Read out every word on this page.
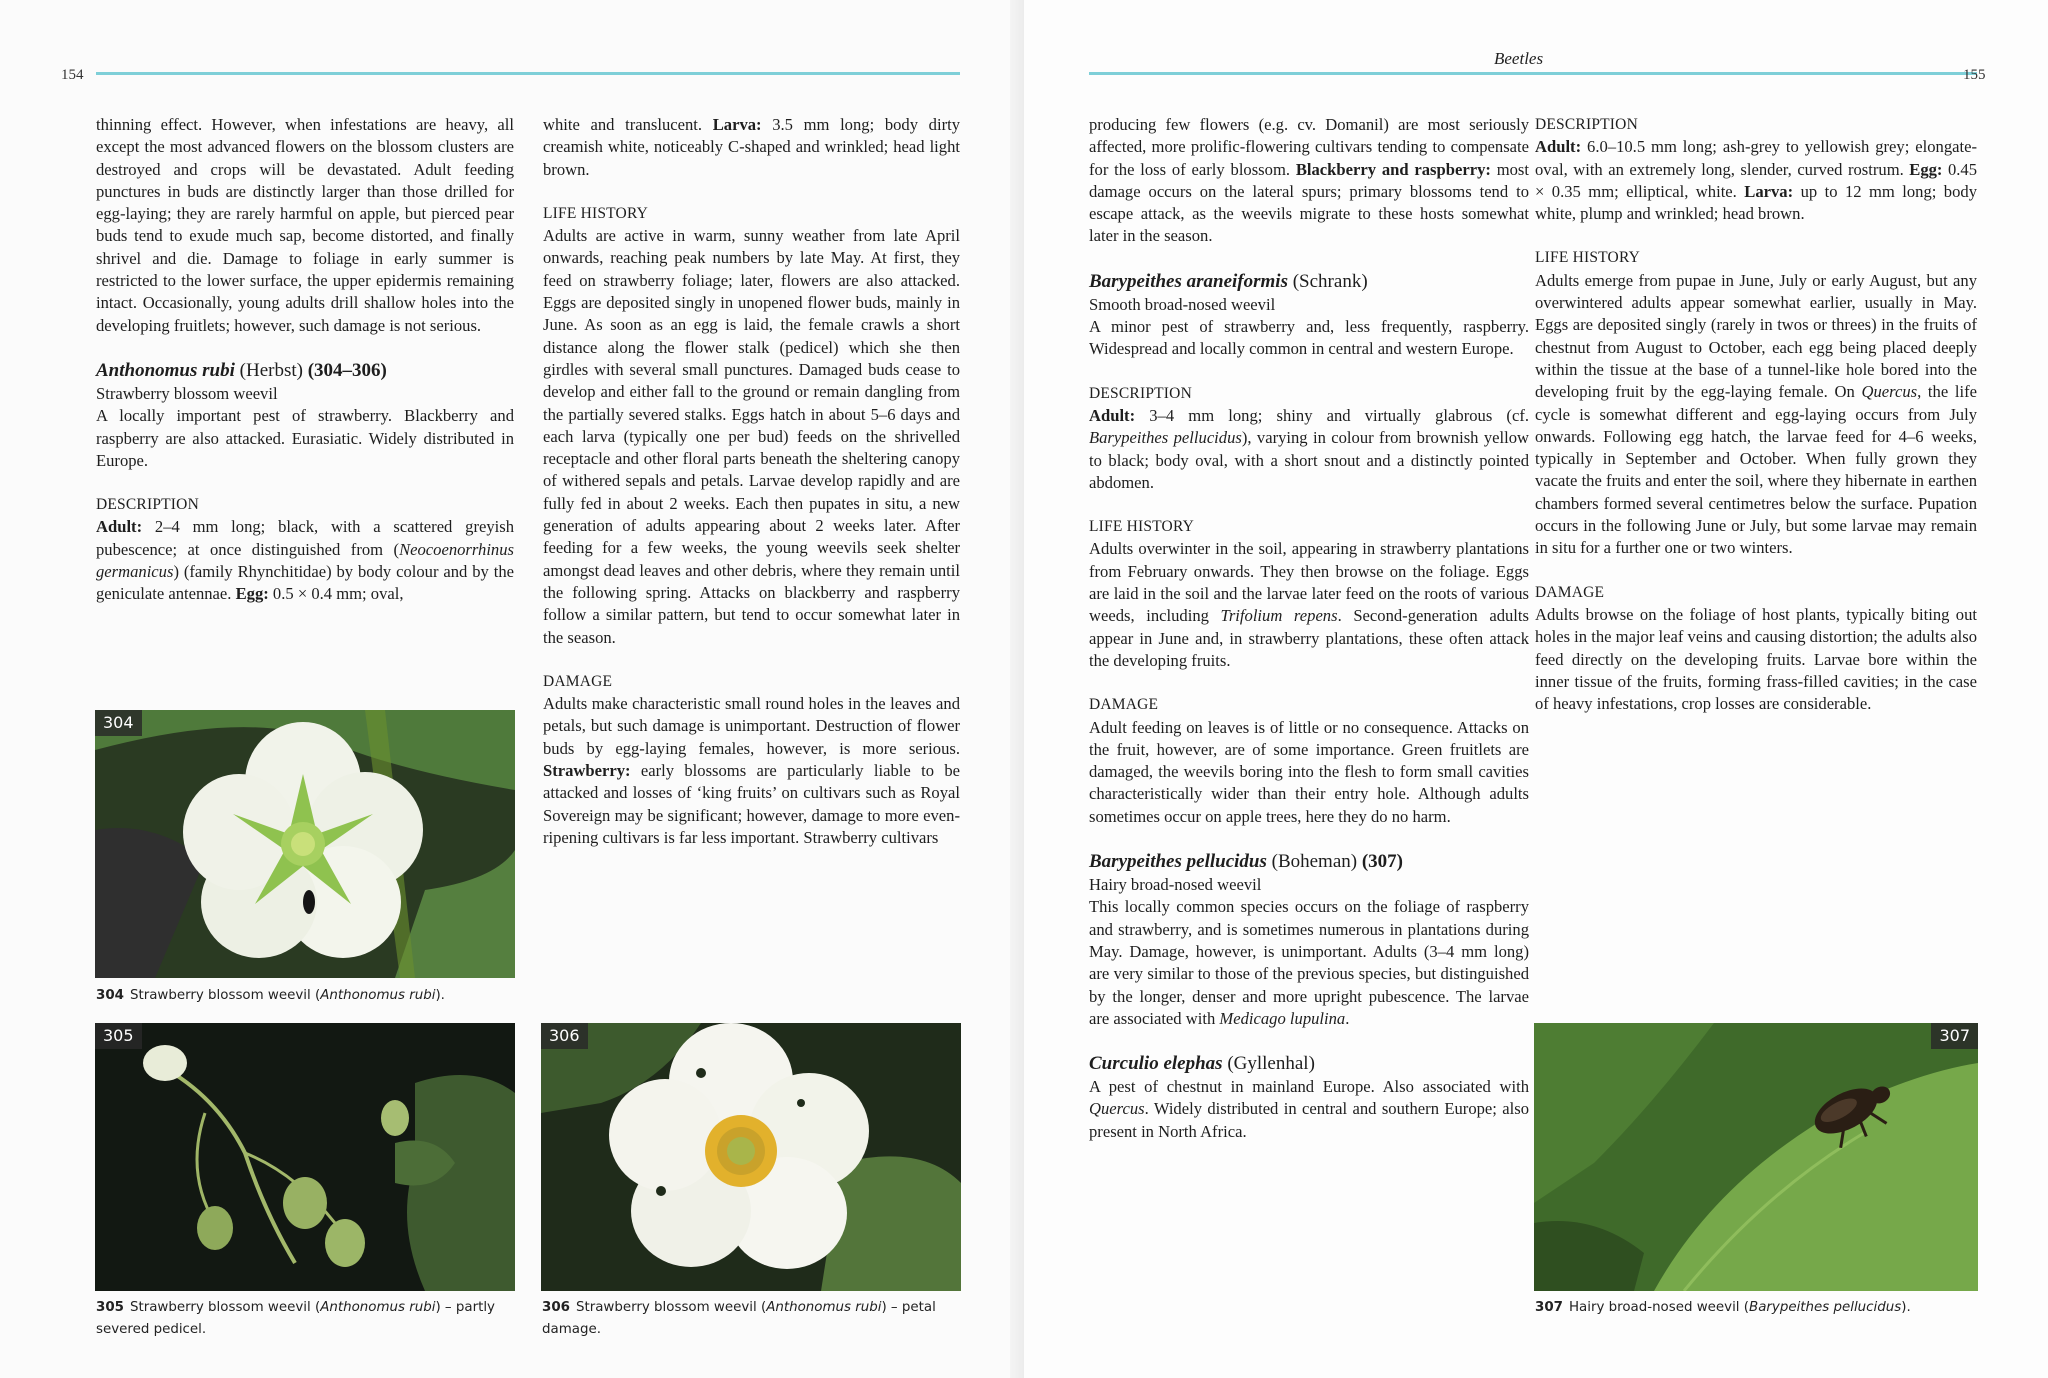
154

thinning effect. However, when infestations are heavy, all except the most advanced flowers on the blossom clusters are destroyed and crops will be devastated. Adult feeding punctures in buds are distinctly larger than those drilled for egg-laying; they are rarely harmful on apple, but pierced pear buds tend to exude much sap, become distorted, and finally shrivel and die. Damage to foliage in early summer is restricted to the lower surface, the upper epidermis remaining intact. Occasionally, young adults drill shallow holes into the developing fruitlets; however, such damage is not serious.

Anthonomus rubi (Herbst) (304–306)

Strawberry blossom weevil

A locally important pest of strawberry. Blackberry and raspberry are also attacked. Eurasiatic. Widely distributed in Europe.

DESCRIPTION

Adult: 2–4 mm long; black, with a scattered greyish pubescence; at once distinguished from (Neocoenorrhinus germanicus) (family Rhynchitidae) by body colour and by the geniculate antennae. Egg: 0.5 × 0.4 mm; oval,

white and translucent. Larva: 3.5 mm long; body dirty creamish white, noticeably C-shaped and wrinkled; head light brown.

LIFE HISTORY

Adults are active in warm, sunny weather from late April onwards, reaching peak numbers by late May. At first, they feed on strawberry foliage; later, flowers are also attacked. Eggs are deposited singly in unopened flower buds, mainly in June. As soon as an egg is laid, the female crawls a short distance along the flower stalk (pedicel) which she then girdles with several small punctures. Damaged buds cease to develop and either fall to the ground or remain dangling from the partially severed stalks. Eggs hatch in about 5–6 days and each larva (typically one per bud) feeds on the shrivelled receptacle and other floral parts beneath the sheltering canopy of withered sepals and petals. Larvae develop rapidly and are fully fed in about 2 weeks. Each then pupates in situ, a new generation of adults appearing about 2 weeks later. After feeding for a few weeks, the young weevils seek shelter amongst dead leaves and other debris, where they remain until the following spring. Attacks on blackberry and raspberry follow a similar pattern, but tend to occur somewhat later in the season.

DAMAGE

Adults make characteristic small round holes in the leaves and petals, but such damage is unimportant. Destruction of flower buds by egg-laying females, however, is more serious. Strawberry: early blossoms are particularly liable to be attacked and losses of ‘king fruits’ on cultivars such as Royal Sovereign may be significant; however, damage to more even-ripening cultivars is far less important. Strawberry cultivars

304

304 Strawberry blossom weevil (Anthonomus rubi).

305

305 Strawberry blossom weevil (Anthonomus rubi) – partly severed pedicel.

306

306 Strawberry blossom weevil (Anthonomus rubi) – petal damage.

Beetles
155

producing few flowers (e.g. cv. Domanil) are most seriously affected, more prolific-flowering cultivars tending to compensate for the loss of early blossom. Blackberry and raspberry: most damage occurs on the lateral spurs; primary blossoms tend to escape attack, as the weevils migrate to these hosts somewhat later in the season.

Barypeithes araneiformis (Schrank)

Smooth broad-nosed weevil

A minor pest of strawberry and, less frequently, raspberry. Widespread and locally common in central and western Europe.

DESCRIPTION

Adult: 3–4 mm long; shiny and virtually glabrous (cf. Barypeithes pellucidus), varying in colour from brownish yellow to black; body oval, with a short snout and a distinctly pointed abdomen.

LIFE HISTORY

Adults overwinter in the soil, appearing in strawberry plantations from February onwards. They then browse on the foliage. Eggs are laid in the soil and the larvae later feed on the roots of various weeds, including Trifolium repens. Second-generation adults appear in June and, in strawberry plantations, these often attack the developing fruits.

DAMAGE

Adult feeding on leaves is of little or no consequence. Attacks on the fruit, however, are of some importance. Green fruitlets are damaged, the weevils boring into the flesh to form small cavities characteristically wider than their entry hole. Although adults sometimes occur on apple trees, here they do no harm.

Barypeithes pellucidus (Boheman) (307)

Hairy broad-nosed weevil

This locally common species occurs on the foliage of raspberry and strawberry, and is sometimes numerous in plantations during May. Damage, however, is unimportant. Adults (3–4 mm long) are very similar to those of the previous species, but distinguished by the longer, denser and more upright pubescence. The larvae are associated with Medicago lupulina.

Curculio elephas (Gyllenhal)

A pest of chestnut in mainland Europe. Also associated with Quercus. Widely distributed in central and southern Europe; also present in North Africa.

DESCRIPTION

Adult: 6.0–10.5 mm long; ash-grey to yellowish grey; elongate-oval, with an extremely long, slender, curved rostrum. Egg: 0.45 × 0.35 mm; elliptical, white. Larva: up to 12 mm long; body white, plump and wrinkled; head brown.

LIFE HISTORY

Adults emerge from pupae in June, July or early August, but any overwintered adults appear somewhat earlier, usually in May. Eggs are deposited singly (rarely in twos or threes) in the fruits of chestnut from August to October, each egg being placed deeply within the tissue at the base of a tunnel-like hole bored into the developing fruit by the egg-laying female. On Quercus, the life cycle is somewhat different and egg-laying occurs from July onwards. Following egg hatch, the larvae feed for 4–6 weeks, typically in September and October. When fully grown they vacate the fruits and enter the soil, where they hibernate in earthen chambers formed several centimetres below the surface. Pupation occurs in the following June or July, but some larvae may remain in situ for a further one or two winters.

DAMAGE

Adults browse on the foliage of host plants, typically biting out holes in the major leaf veins and causing distortion; the adults also feed directly on the developing fruits. Larvae bore within the inner tissue of the fruits, forming frass-filled cavities; in the case of heavy infestations, crop losses are considerable.

307

307 Hairy broad-nosed weevil (Barypeithes pellucidus).
